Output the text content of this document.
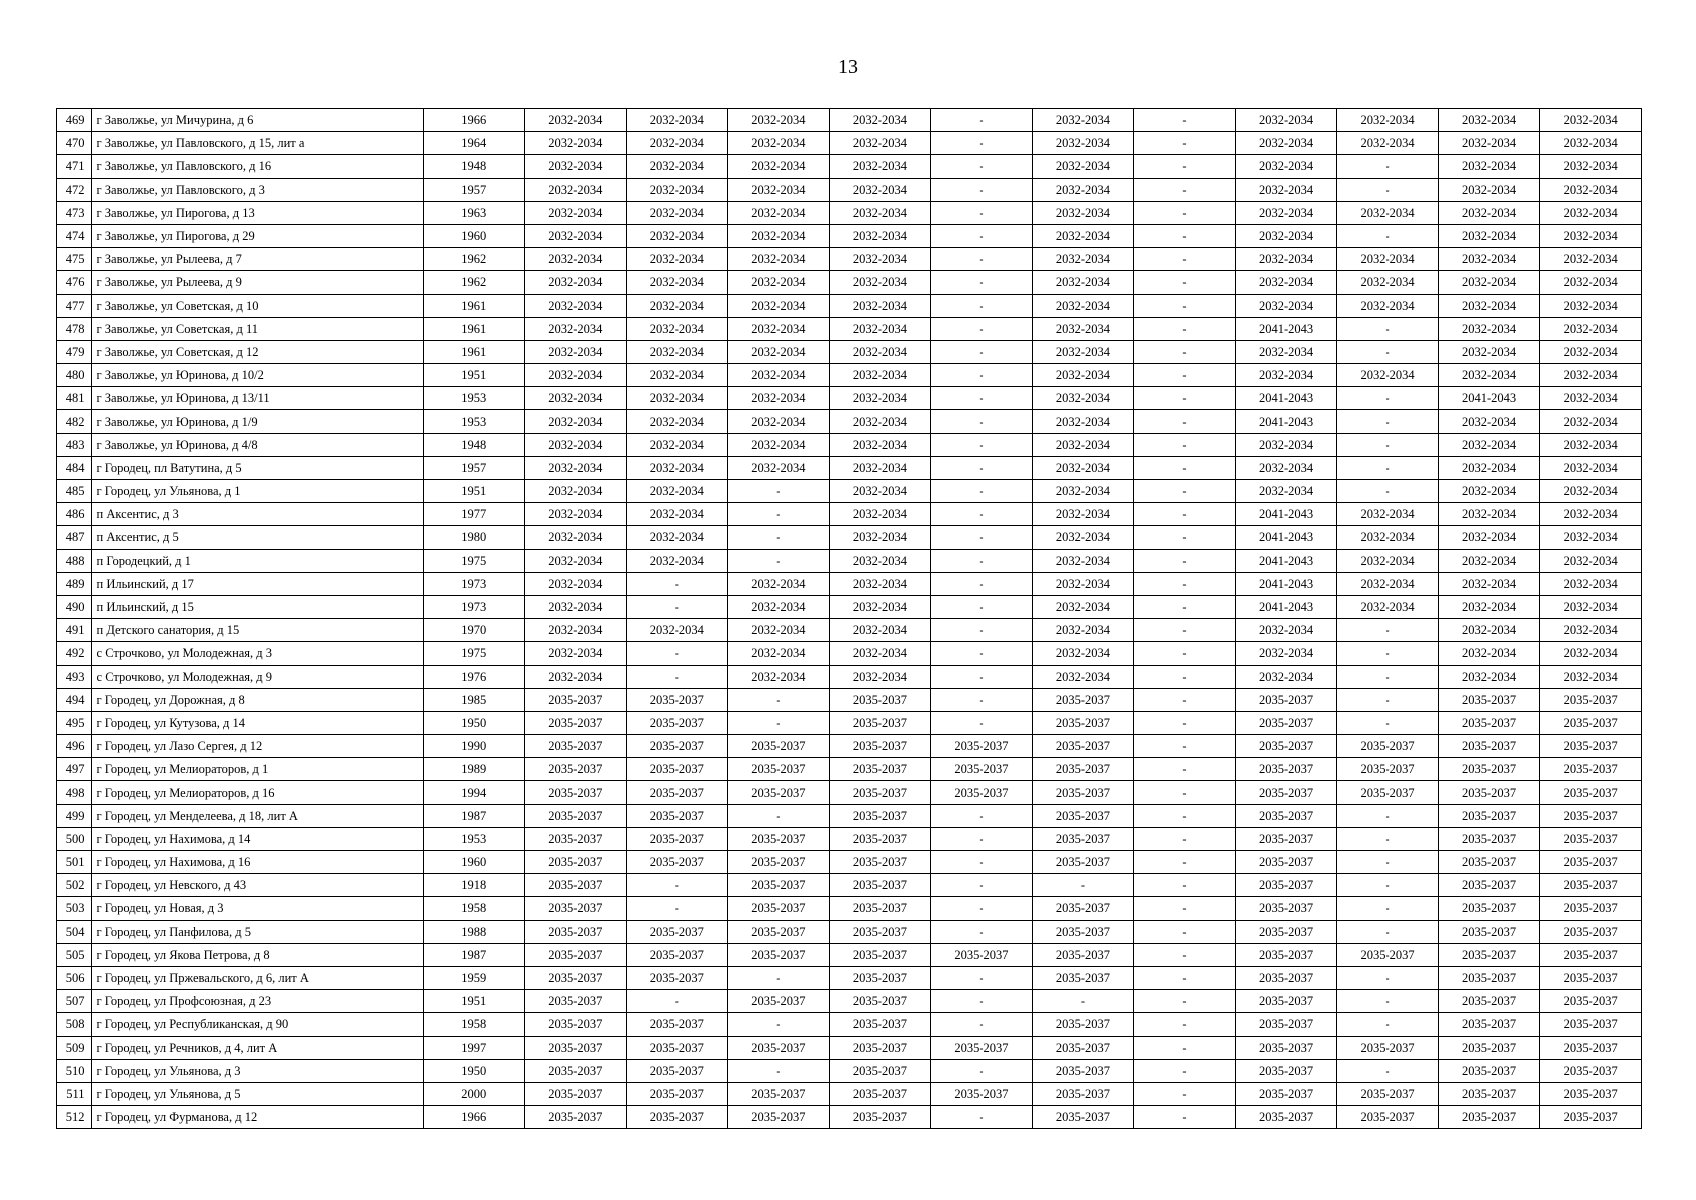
13
469	г Заволжье, ул Мичурина, д 6	1966	2032-2034	2032-2034	2032-2034	2032-2034	-	2032-2034	-	2032-2034	2032-2034	2032-2034	2032-2034
470	г Заволжье, ул Павловского, д 15, лит а	1964	2032-2034	2032-2034	2032-2034	2032-2034	-	2032-2034	-	2032-2034	2032-2034	2032-2034	2032-2034
471	г Заволжье, ул Павловского, д 16	1948	2032-2034	2032-2034	2032-2034	2032-2034	-	2032-2034	-	2032-2034	-	2032-2034	2032-2034
472	г Заволжье, ул Павловского, д 3	1957	2032-2034	2032-2034	2032-2034	2032-2034	-	2032-2034	-	2032-2034	-	2032-2034	2032-2034
473	г Заволжье, ул Пирогова, д 13	1963	2032-2034	2032-2034	2032-2034	2032-2034	-	2032-2034	-	2032-2034	2032-2034	2032-2034	2032-2034
474	г Заволжье, ул Пирогова, д 29	1960	2032-2034	2032-2034	2032-2034	2032-2034	-	2032-2034	-	2032-2034	-	2032-2034	2032-2034
475	г Заволжье, ул Рылеева, д 7	1962	2032-2034	2032-2034	2032-2034	2032-2034	-	2032-2034	-	2032-2034	2032-2034	2032-2034	2032-2034
476	г Заволжье, ул Рылеева, д 9	1962	2032-2034	2032-2034	2032-2034	2032-2034	-	2032-2034	-	2032-2034	2032-2034	2032-2034	2032-2034
477	г Заволжье, ул Советская, д 10	1961	2032-2034	2032-2034	2032-2034	2032-2034	-	2032-2034	-	2032-2034	2032-2034	2032-2034	2032-2034
478	г Заволжье, ул Советская, д 11	1961	2032-2034	2032-2034	2032-2034	2032-2034	-	2032-2034	-	2041-2043	-	2032-2034	2032-2034
479	г Заволжье, ул Советская, д 12	1961	2032-2034	2032-2034	2032-2034	2032-2034	-	2032-2034	-	2032-2034	-	2032-2034	2032-2034
480	г Заволжье, ул Юринова, д 10/2	1951	2032-2034	2032-2034	2032-2034	2032-2034	-	2032-2034	-	2032-2034	2032-2034	2032-2034	2032-2034
481	г Заволжье, ул Юринова, д 13/11	1953	2032-2034	2032-2034	2032-2034	2032-2034	-	2032-2034	-	2041-2043	-	2041-2043	2032-2034
482	г Заволжье, ул Юринова, д 1/9	1953	2032-2034	2032-2034	2032-2034	2032-2034	-	2032-2034	-	2041-2043	-	2032-2034	2032-2034
483	г Заволжье, ул Юринова, д 4/8	1948	2032-2034	2032-2034	2032-2034	2032-2034	-	2032-2034	-	2032-2034	-	2032-2034	2032-2034
484	г Городец, пл Ватутина, д 5	1957	2032-2034	2032-2034	2032-2034	2032-2034	-	2032-2034	-	2032-2034	-	2032-2034	2032-2034
485	г Городец, ул Ульянова, д 1	1951	2032-2034	2032-2034	-	2032-2034	-	2032-2034	-	2032-2034	-	2032-2034	2032-2034
486	п Аксентис, д 3	1977	2032-2034	2032-2034	-	2032-2034	-	2032-2034	-	2041-2043	2032-2034	2032-2034	2032-2034
487	п Аксентис, д 5	1980	2032-2034	2032-2034	-	2032-2034	-	2032-2034	-	2041-2043	2032-2034	2032-2034	2032-2034
488	п Городецкий, д 1	1975	2032-2034	2032-2034	-	2032-2034	-	2032-2034	-	2041-2043	2032-2034	2032-2034	2032-2034
489	п Ильинский, д 17	1973	2032-2034	-	2032-2034	2032-2034	-	2032-2034	-	2041-2043	2032-2034	2032-2034	2032-2034
490	п Ильинский, д 15	1973	2032-2034	-	2032-2034	2032-2034	-	2032-2034	-	2041-2043	2032-2034	2032-2034	2032-2034
491	п Детского санатория, д 15	1970	2032-2034	2032-2034	2032-2034	2032-2034	-	2032-2034	-	2032-2034	-	2032-2034	2032-2034
492	с Строчково, ул Молодежная, д 3	1975	2032-2034	-	2032-2034	2032-2034	-	2032-2034	-	2032-2034	-	2032-2034	2032-2034
493	с Строчково, ул Молодежная, д 9	1976	2032-2034	-	2032-2034	2032-2034	-	2032-2034	-	2032-2034	-	2032-2034	2032-2034
494	г Городец, ул Дорожная, д 8	1985	2035-2037	2035-2037	-	2035-2037	-	2035-2037	-	2035-2037	-	2035-2037	2035-2037
495	г Городец, ул Кутузова, д 14	1950	2035-2037	2035-2037	-	2035-2037	-	2035-2037	-	2035-2037	-	2035-2037	2035-2037
496	г Городец, ул Лазо Сергея, д 12	1990	2035-2037	2035-2037	2035-2037	2035-2037	2035-2037	2035-2037	-	2035-2037	2035-2037	2035-2037	2035-2037
497	г Городец, ул Мелиораторов, д 1	1989	2035-2037	2035-2037	2035-2037	2035-2037	2035-2037	2035-2037	-	2035-2037	2035-2037	2035-2037	2035-2037
498	г Городец, ул Мелиораторов, д 16	1994	2035-2037	2035-2037	2035-2037	2035-2037	2035-2037	2035-2037	-	2035-2037	2035-2037	2035-2037	2035-2037
499	г Городец, ул Менделеева, д 18, лит А	1987	2035-2037	2035-2037	-	2035-2037	-	2035-2037	-	2035-2037	-	2035-2037	2035-2037
500	г Городец, ул Нахимова, д 14	1953	2035-2037	2035-2037	2035-2037	2035-2037	-	2035-2037	-	2035-2037	-	2035-2037	2035-2037
501	г Городец, ул Нахимова, д 16	1960	2035-2037	2035-2037	2035-2037	2035-2037	-	2035-2037	-	2035-2037	-	2035-2037	2035-2037
502	г Городец, ул Невского, д 43	1918	2035-2037	-	2035-2037	2035-2037	-	-	-	2035-2037	-	2035-2037	2035-2037
503	г Городец, ул Новая, д 3	1958	2035-2037	-	2035-2037	2035-2037	-	2035-2037	-	2035-2037	-	2035-2037	2035-2037
504	г Городец, ул Панфилова, д 5	1988	2035-2037	2035-2037	2035-2037	2035-2037	-	2035-2037	-	2035-2037	-	2035-2037	2035-2037
505	г Городец, ул Якова Петрова, д 8	1987	2035-2037	2035-2037	2035-2037	2035-2037	2035-2037	2035-2037	-	2035-2037	2035-2037	2035-2037	2035-2037
506	г Городец, ул Пржевальского, д 6, лит А	1959	2035-2037	2035-2037	-	2035-2037	-	2035-2037	-	2035-2037	-	2035-2037	2035-2037
507	г Городец, ул Профсоюзная, д 23	1951	2035-2037	-	2035-2037	2035-2037	-	-	-	2035-2037	-	2035-2037	2035-2037
508	г Городец, ул Республиканская, д 90	1958	2035-2037	2035-2037	-	2035-2037	-	2035-2037	-	2035-2037	-	2035-2037	2035-2037
509	г Городец, ул Речников, д 4, лит А	1997	2035-2037	2035-2037	2035-2037	2035-2037	2035-2037	2035-2037	-	2035-2037	2035-2037	2035-2037	2035-2037
510	г Городец, ул Ульянова, д 3	1950	2035-2037	2035-2037	-	2035-2037	-	2035-2037	-	2035-2037	-	2035-2037	2035-2037
511	г Городец, ул Ульянова, д 5	2000	2035-2037	2035-2037	2035-2037	2035-2037	2035-2037	2035-2037	-	2035-2037	2035-2037	2035-2037	2035-2037
512	г Городец, ул Фурманова, д 12	1966	2035-2037	2035-2037	2035-2037	2035-2037	-	2035-2037	-	2035-2037	2035-2037	2035-2037	2035-2037
